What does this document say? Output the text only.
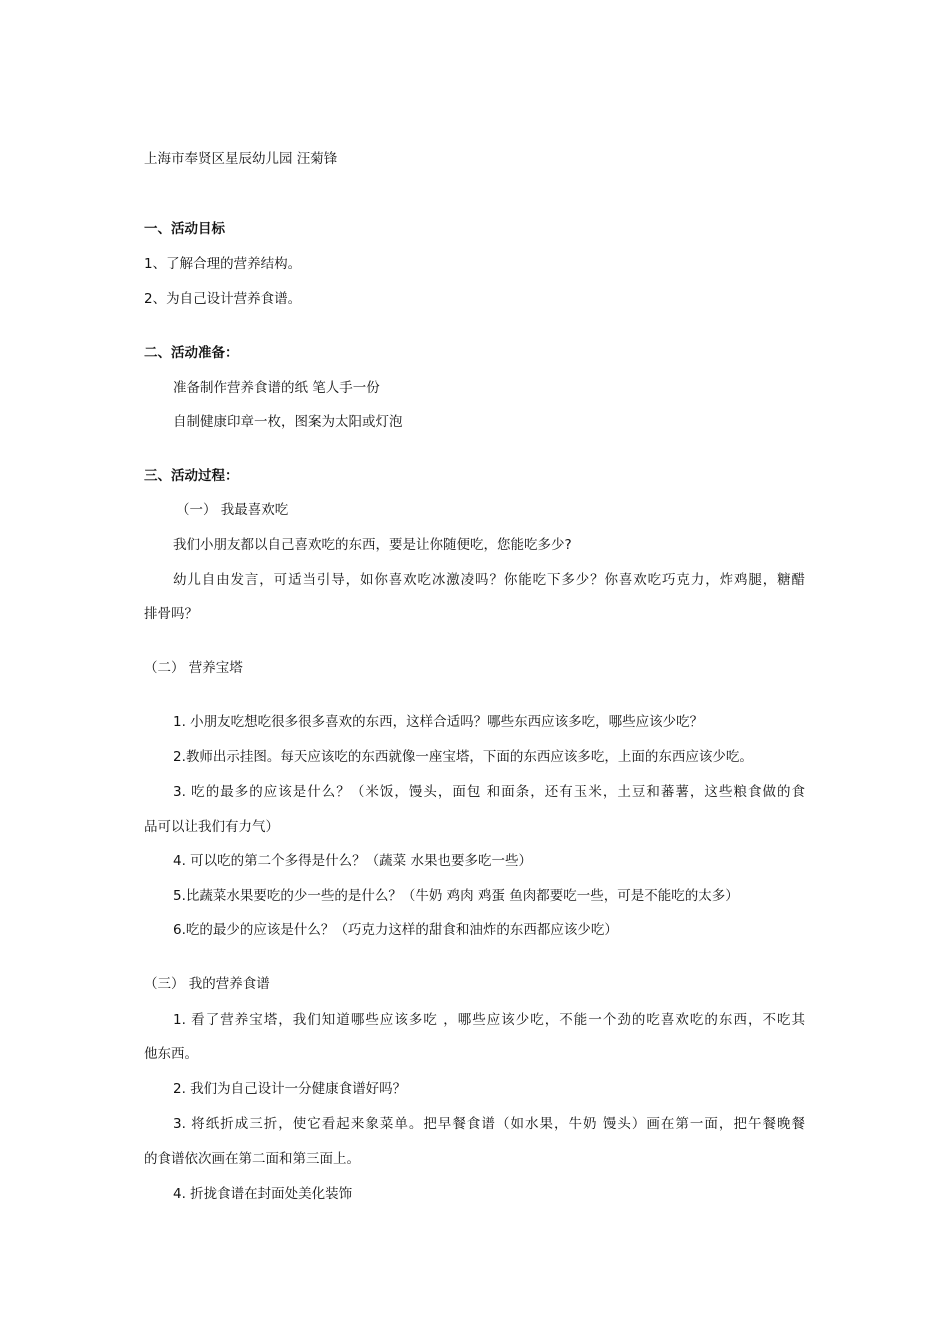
上海市奉贤区星辰幼儿园 汪菊锋
一、活动目标
1、了解合理的营养结构。
2、为自己设计营养食谱。
二、活动准备：
准备制作营养食谱的纸 笔人手一份
自制健康印章一枚，图案为太阳或灯泡
三、活动过程：
（一） 我最喜欢吃
我们小朋友都以自己喜欢吃的东西，要是让你随便吃，您能吃多少?
幼儿自由发言，可适当引导，如你喜欢吃冰激凌吗？你能吃下多少？你喜欢吃巧克力，炸鸡腿，糖醋
排骨吗？
（二） 营养宝塔
1. 小朋友吃想吃很多很多喜欢的东西，这样合适吗？哪些东西应该多吃，哪些应该少吃？
2.教师出示挂图。每天应该吃的东西就像一座宝塔，下面的东西应该多吃，上面的东西应该少吃。
3. 吃的最多的应该是什么？（米饭，馒头，面包 和面条，还有玉米，土豆和蕃薯，这些粮食做的食
品可以让我们有力气）
4. 可以吃的第二个多得是什么？（蔬菜 水果也要多吃一些）
5.比蔬菜水果要吃的少一些的是什么？（牛奶 鸡肉 鸡蛋 鱼肉都要吃一些，可是不能吃的太多）
6.吃的最少的应该是什么？（巧克力这样的甜食和油炸的东西都应该少吃）
（三） 我的营养食谱
1. 看了营养宝塔，我们知道哪些应该多吃 ，哪些应该少吃，不能一个劲的吃喜欢吃的东西，不吃其
他东西。
2. 我们为自己设计一分健康食谱好吗？
3. 将纸折成三折，使它看起来象菜单。把早餐食谱（如水果，牛奶 馒头）画在第一面，把午餐晚餐
的食谱依次画在第二面和第三面上。
4. 折拢食谱在封面处美化装饰
